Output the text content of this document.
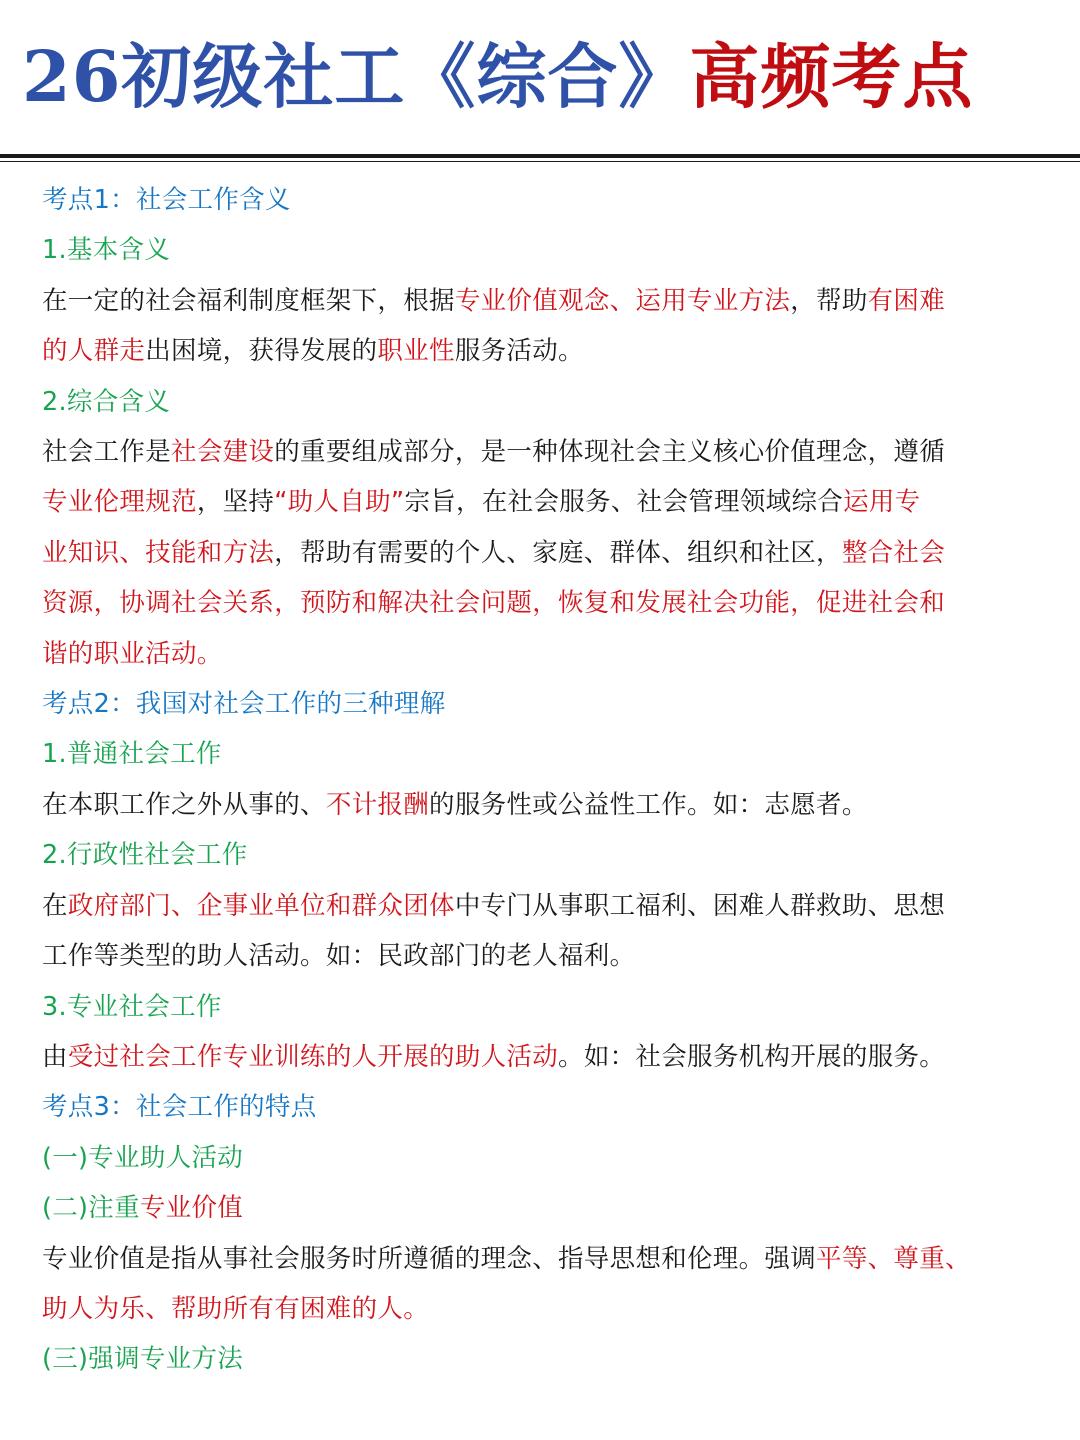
26初级社工《综合》高频考点
考点1：社会工作含义
1.基本含义
在一定的社会福利制度框架下，根据专业价值观念、运用专业方法，帮助有困难
的人群走出困境，获得发展的职业性服务活动。
2.综合含义
社会工作是社会建设的重要组成部分，是一种体现社会主义核心价值理念，遵循
专业伦理规范，坚持“助人自助”宗旨，在社会服务、社会管理领域综合运用专
业知识、技能和方法，帮助有需要的个人、家庭、群体、组织和社区，整合社会
资源，协调社会关系，预防和解决社会问题，恢复和发展社会功能，促进社会和
谐的职业活动。
考点2：我国对社会工作的三种理解
1.普通社会工作
在本职工作之外从事的、不计报酬的服务性或公益性工作。如：志愿者。
2.行政性社会工作
在政府部门、企事业单位和群众团体中专门从事职工福利、困难人群救助、思想
工作等类型的助人活动。如：民政部门的老人福利。
3.专业社会工作
由受过社会工作专业训练的人开展的助人活动。如：社会服务机构开展的服务。
考点3：社会工作的特点
(一)专业助人活动
(二)注重专业价值
专业价值是指从事社会服务时所遵循的理念、指导思想和伦理。强调平等、尊重、
助人为乐、帮助所有有困难的人。
(三)强调专业方法
